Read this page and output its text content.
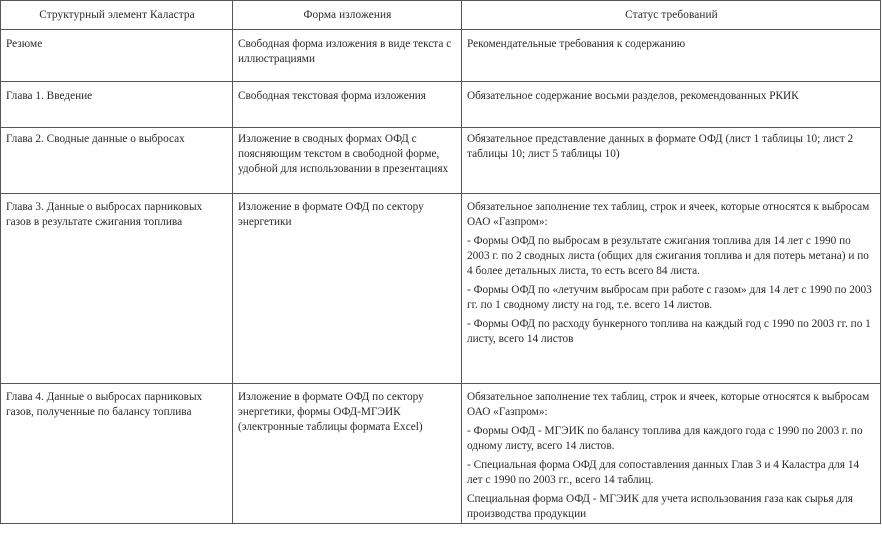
Структурный элемент Каластра	Форма изложения	Статус требований
Резюме	Свободная форма изложения в виде текста с иллюстрациями	Рекомендательные требования к содержанию

Глава 1. Введение	Свободная текстовая форма изложения	Обязательное содержание восьми разделов, рекомендованных РКИК

Глава 2. Сводные данные о выбросах	Изложение в сводных формах ОФД с поясняющим текстом в свободной форме, удобной для использовании в презентациях	Обязательное представление данных в формате ОФД (лист 1 таблицы 10; лист 2 таблицы 10; лист 5 таблицы 10)

Глава 3. Данные о выбросах парниковых газов в результате сжигания топлива	Изложение в формате ОФД по сектору энергетики	Обязательное заполнение тех таблиц, строк и ячеек, которые относятся к выбросам ОАО «Газпром»:

- Формы ОФД по выбросам в результате сжигания топлива для 14 лет с 1990 по 2003 г. по 2 сводных листа (общих для сжигания топлива и для потерь метана) и по 4 более детальных листа, то есть всего 84 листа.

- Формы ОФД по «летучим выбросам при работе с газом» для 14 лет с 1990 по 2003 гг. по 1 сводному листу на год, т.е. всего 14 листов.

- Формы ОФД по расходу бункерного топлива на каждый год с 1990 по 2003 гг. по 1 листу, всего 14 листов

Глава 4. Данные о выбросах парниковых газов, полученные по балансу топлива	Изложение в формате ОФД по сектору энергетики, формы ОФД-МГЭИК (электронные таблицы формата Excel)	Обязательное заполнение тех таблиц, строк и ячеек, которые относятся к выбросам ОАО «Газпром»:

- Формы ОФД - МГЭИК по балансу топлива для каждого года с 1990 по 2003 г. по одному листу, всего 14 листов.

- Специальная форма ОФД для сопоставления данных Глав 3 и 4 Каластра для 14 лет с 1990 по 2003 гг., всего 14 таблиц.

Специальная форма ОФД - МГЭИК для учета использования газа как сырья для производства продукции
